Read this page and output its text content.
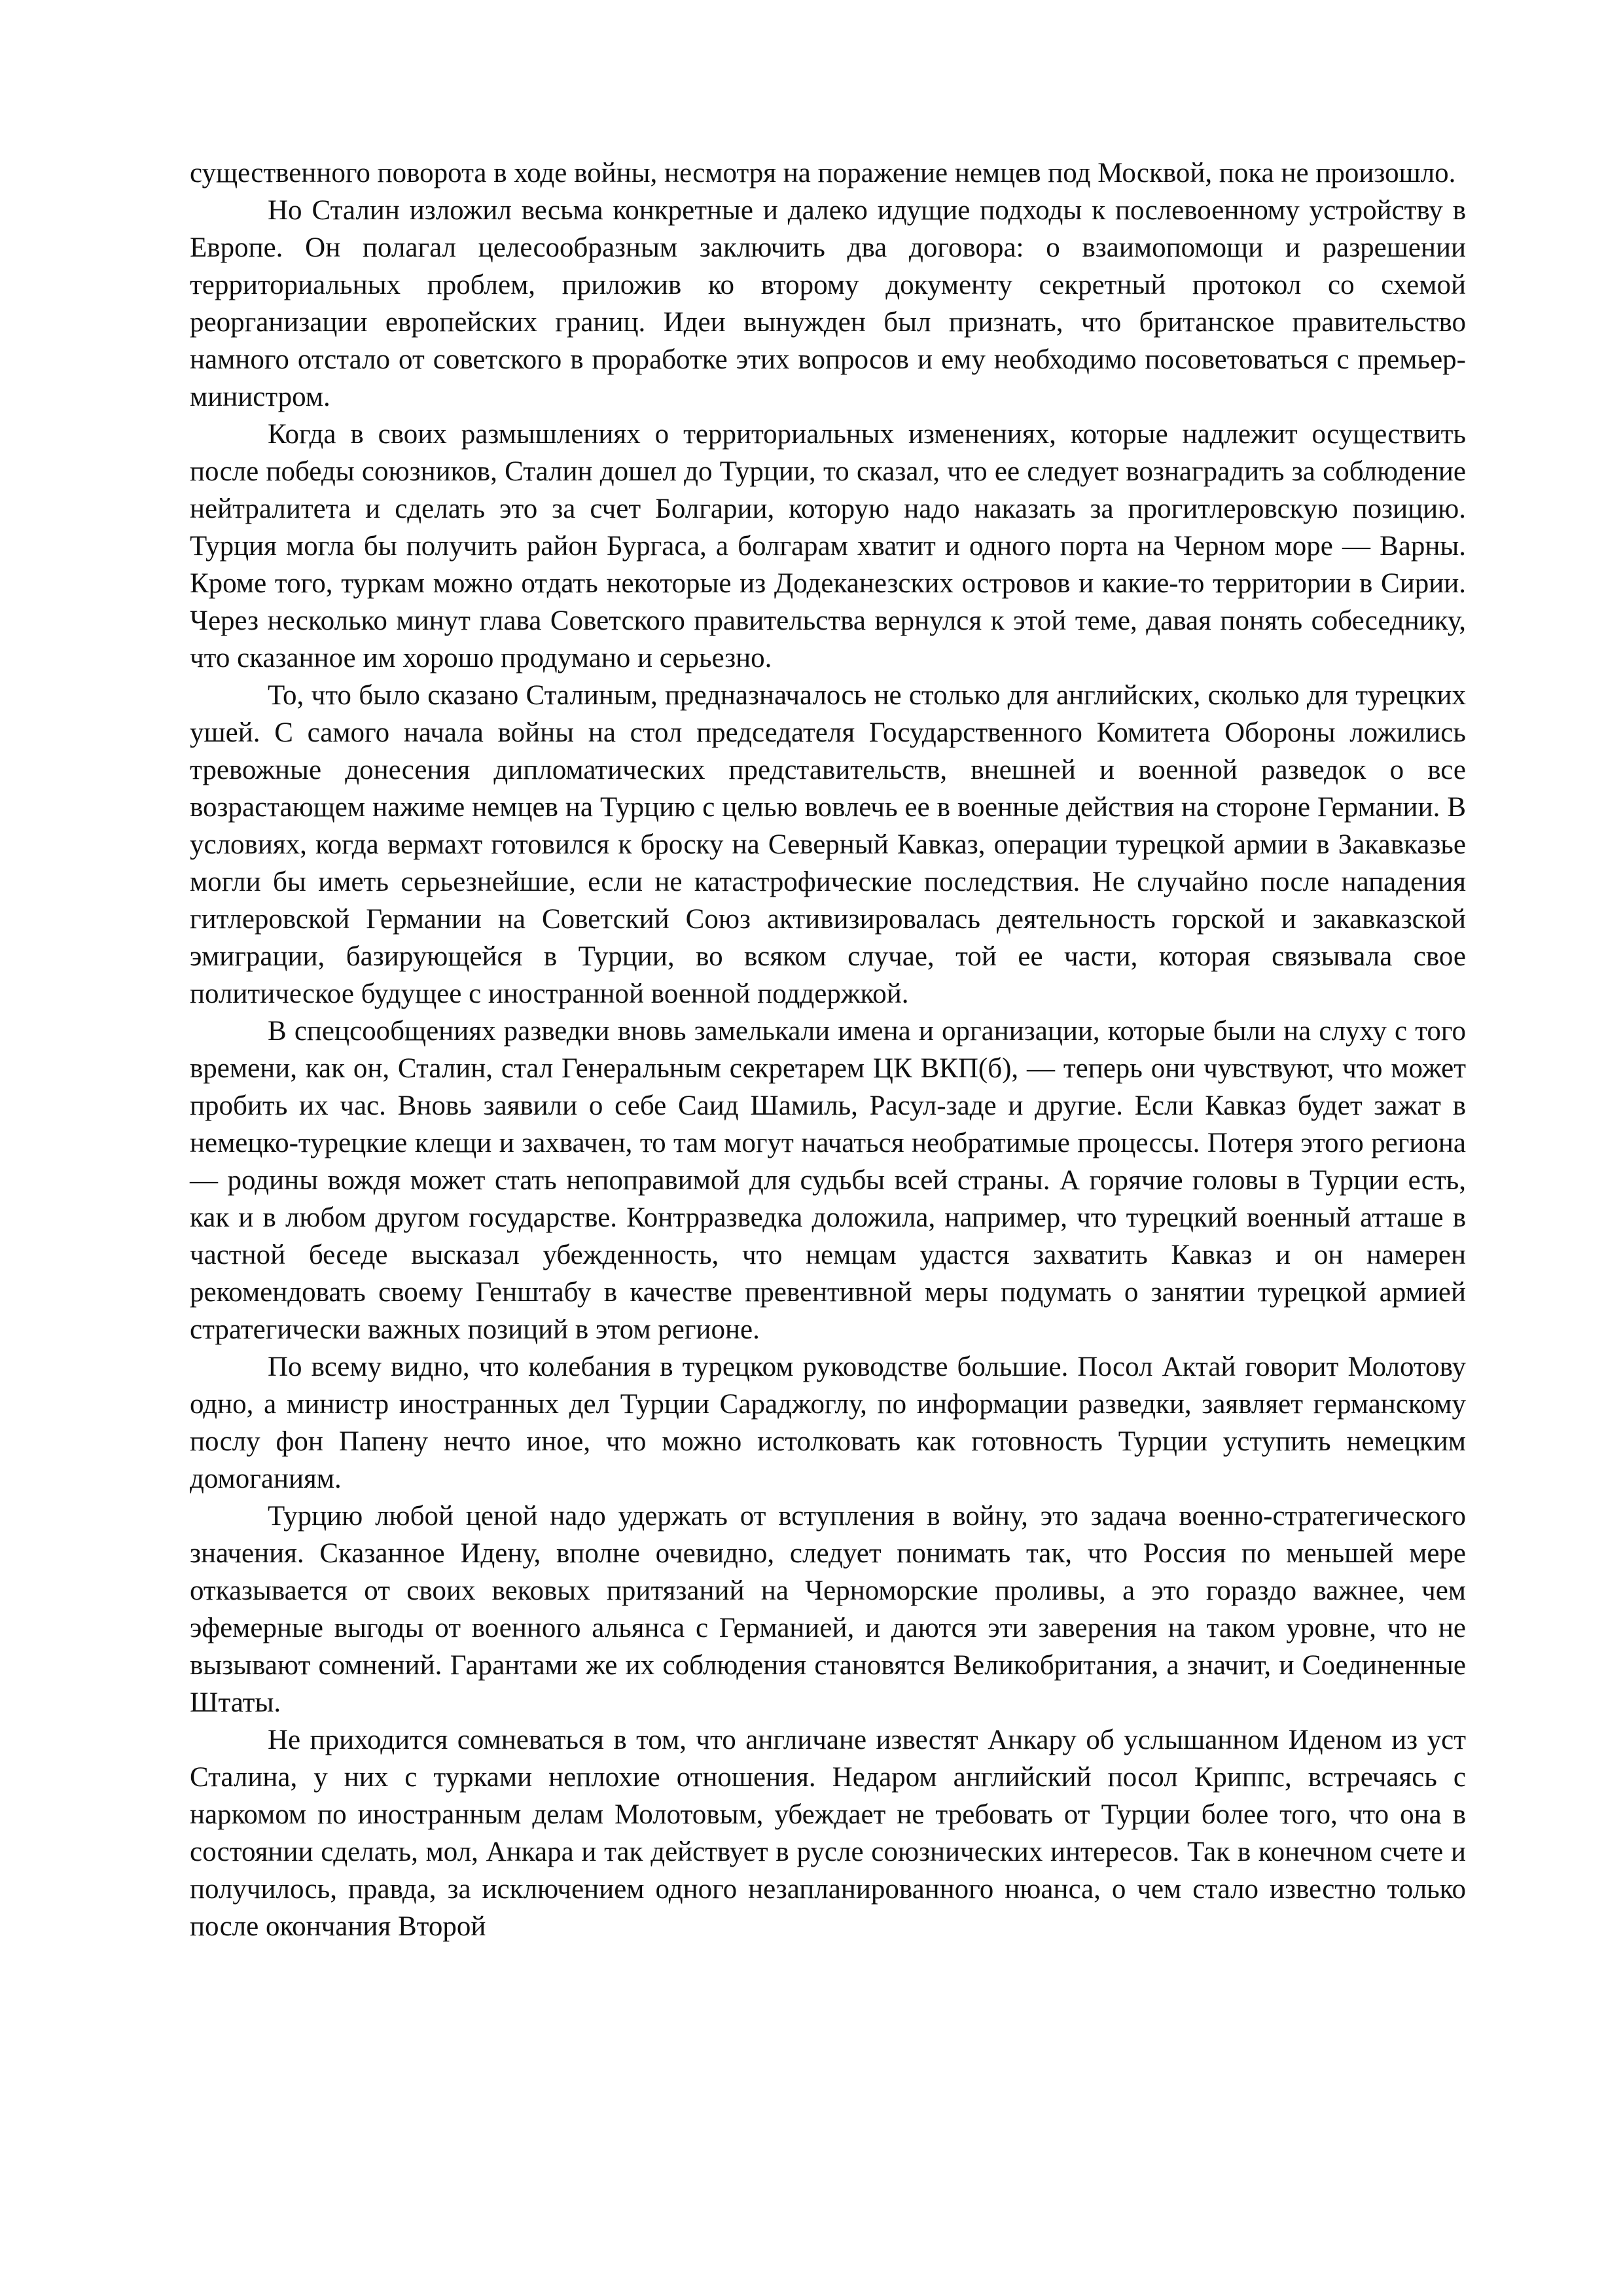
существенного поворота в ходе войны, несмотря на поражение немцев под Москвой, пока не произошло.

Но Сталин изложил весьма конкретные и далеко идущие подходы к послевоенному устройству в Европе. Он полагал целесообразным заключить два договора: о взаимопомощи и разрешении территориальных проблем, приложив ко второму документу секретный протокол со схемой реорганизации европейских границ. Идеи вынужден был признать, что британское правительство намного отстало от советского в проработке этих вопросов и ему необходимо посоветоваться с премьер-министром.

Когда в своих размышлениях о территориальных изменениях, которые надлежит осуществить после победы союзников, Сталин дошел до Турции, то сказал, что ее следует вознаградить за соблюдение нейтралитета и сделать это за счет Болгарии, которую надо наказать за прогитлеровскую позицию. Турция могла бы получить район Бургаса, а болгарам хватит и одного порта на Черном море — Варны. Кроме того, туркам можно отдать некоторые из Додеканезских островов и какие-то территории в Сирии. Через несколько минут глава Советского правительства вернулся к этой теме, давая понять собеседнику, что сказанное им хорошо продумано и серьезно.

То, что было сказано Сталиным, предназначалось не столько для английских, сколько для турецких ушей. С самого начала войны на стол председателя Государственного Комитета Обороны ложились тревожные донесения дипломатических представительств, внешней и военной разведок о все возрастающем нажиме немцев на Турцию с целью вовлечь ее в военные действия на стороне Германии. В условиях, когда вермахт готовился к броску на Северный Кавказ, операции турецкой армии в Закавказье могли бы иметь серьезнейшие, если не катастрофические последствия. Не случайно после нападения гитлеровской Германии на Советский Союз активизировалась деятельность горской и закавказской эмиграции, базирующейся в Турции, во всяком случае, той ее части, которая связывала свое политическое будущее с иностранной военной поддержкой.

В спецсообщениях разведки вновь замелькали имена и организации, которые были на слуху с того времени, как он, Сталин, стал Генеральным секретарем ЦК ВКП(б), — теперь они чувствуют, что может пробить их час. Вновь заявили о себе Саид Шамиль, Расул-заде и другие. Если Кавказ будет зажат в немецко-турецкие клещи и захвачен, то там могут начаться необратимые процессы. Потеря этого региона — родины вождя может стать непоправимой для судьбы всей страны. А горячие головы в Турции есть, как и в любом другом государстве. Контрразведка доложила, например, что турецкий военный атташе в частной беседе высказал убежденность, что немцам удастся захватить Кавказ и он намерен рекомендовать своему Генштабу в качестве превентивной меры подумать о занятии турецкой армией стратегически важных позиций в этом регионе.

По всему видно, что колебания в турецком руководстве большие. Посол Актай говорит Молотову одно, а министр иностранных дел Турции Сараджоглу, по информации разведки, заявляет германскому послу фон Папену нечто иное, что можно истолковать как готовность Турции уступить немецким домоганиям.

Турцию любой ценой надо удержать от вступления в войну, это задача военно-стратегического значения. Сказанное Идену, вполне очевидно, следует понимать так, что Россия по меньшей мере отказывается от своих вековых притязаний на Черноморские проливы, а это гораздо важнее, чем эфемерные выгоды от военного альянса с Германией, и даются эти заверения на таком уровне, что не вызывают сомнений. Гарантами же их соблюдения становятся Великобритания, а значит, и Соединенные Штаты.

Не приходится сомневаться в том, что англичане известят Анкару об услышанном Иденом из уст Сталина, у них с турками неплохие отношения. Недаром английский посол Криппс, встречаясь с наркомом по иностранным делам Молотовым, убеждает не требовать от Турции более того, что она в состоянии сделать, мол, Анкара и так действует в русле союзнических интересов. Так в конечном счете и получилось, правда, за исключением одного незапланированного нюанса, о чем стало известно только после окончания Второй
